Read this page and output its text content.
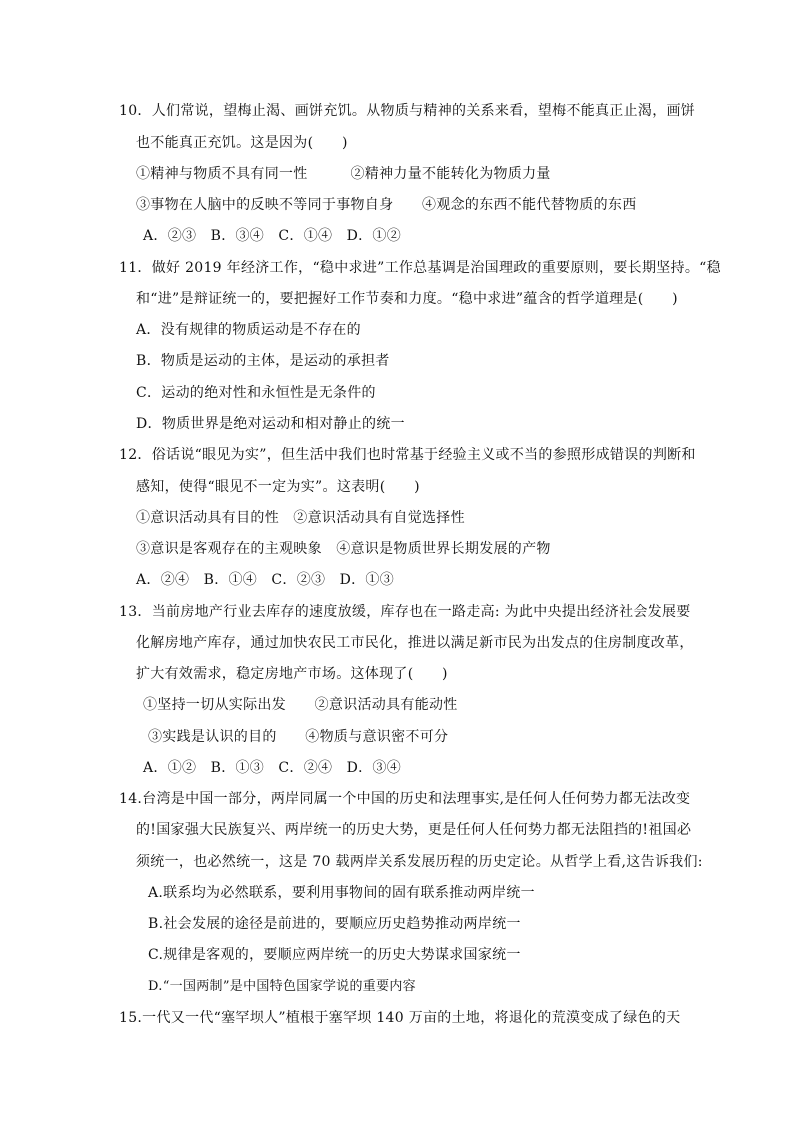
10．人们常说，望梅止渴、画饼充饥。从物质与精神的关系来看，望梅不能真正止渴，画饼
也不能真正充饥。这是因为(　　)
①精神与物质不具有同一性　　　②精神力量不能转化为物质力量
③事物在人脑中的反映不等同于事物自身　　④观念的东西不能代替物质的东西
A．②③　B．③④　C．①④　D．①②
11．做好 2019 年经济工作，“稳中求进”工作总基调是治国理政的重要原则，要长期坚持。“稳
和“进”是辩证统一的，要把握好工作节奏和力度。“稳中求进”蕴含的哲学道理是(　　)
A．没有规律的物质运动是不存在的
B．物质是运动的主体，是运动的承担者
C．运动的绝对性和永恒性是无条件的
D．物质世界是绝对运动和相对静止的统一
12．俗话说“眼见为实”，但生活中我们也时常基于经验主义或不当的参照形成错误的判断和
感知，使得“眼见不一定为实”。这表明(　　)
①意识活动具有目的性　②意识活动具有自觉选择性
③意识是客观存在的主观映象　④意识是物质世界长期发展的产物
A．②④　B．①④　C．②③　D．①③
13．当前房地产行业去库存的速度放缓，库存也在一路走高: 为此中央提出经济社会发展要
化解房地产库存，通过加快农民工市民化，推进以满足新市民为出发点的住房制度改革，
扩大有效需求，稳定房地产市场。这体现了(　　)
①坚持一切从实际出发　　②意识活动具有能动性
③实践是认识的目的　　④物质与意识密不可分
A．①②　B．①③　C．②④　D．③④
14.台湾是中国一部分，两岸同属一个中国的历史和法理事实,是任何人任何势力都无法改变
的!国家强大民族复兴、两岸统一的历史大势，更是任何人任何势力都无法阻挡的!祖国必
须统一，也必然统一，这是 70 载两岸关系发展历程的历史定论。从哲学上看,这告诉我们:
A.联系均为必然联系，要利用事物间的固有联系推动两岸统一
B.社会发展的途径是前进的，要顺应历史趋势推动两岸统一
C.规律是客观的，要顺应两岸统一的历史大势谋求国家统一
D.“一国两制”是中国特色国家学说的重要内容
15.一代又一代“塞罕坝人”植根于塞罕坝 140 万亩的土地，将退化的荒漠变成了绿色的天
